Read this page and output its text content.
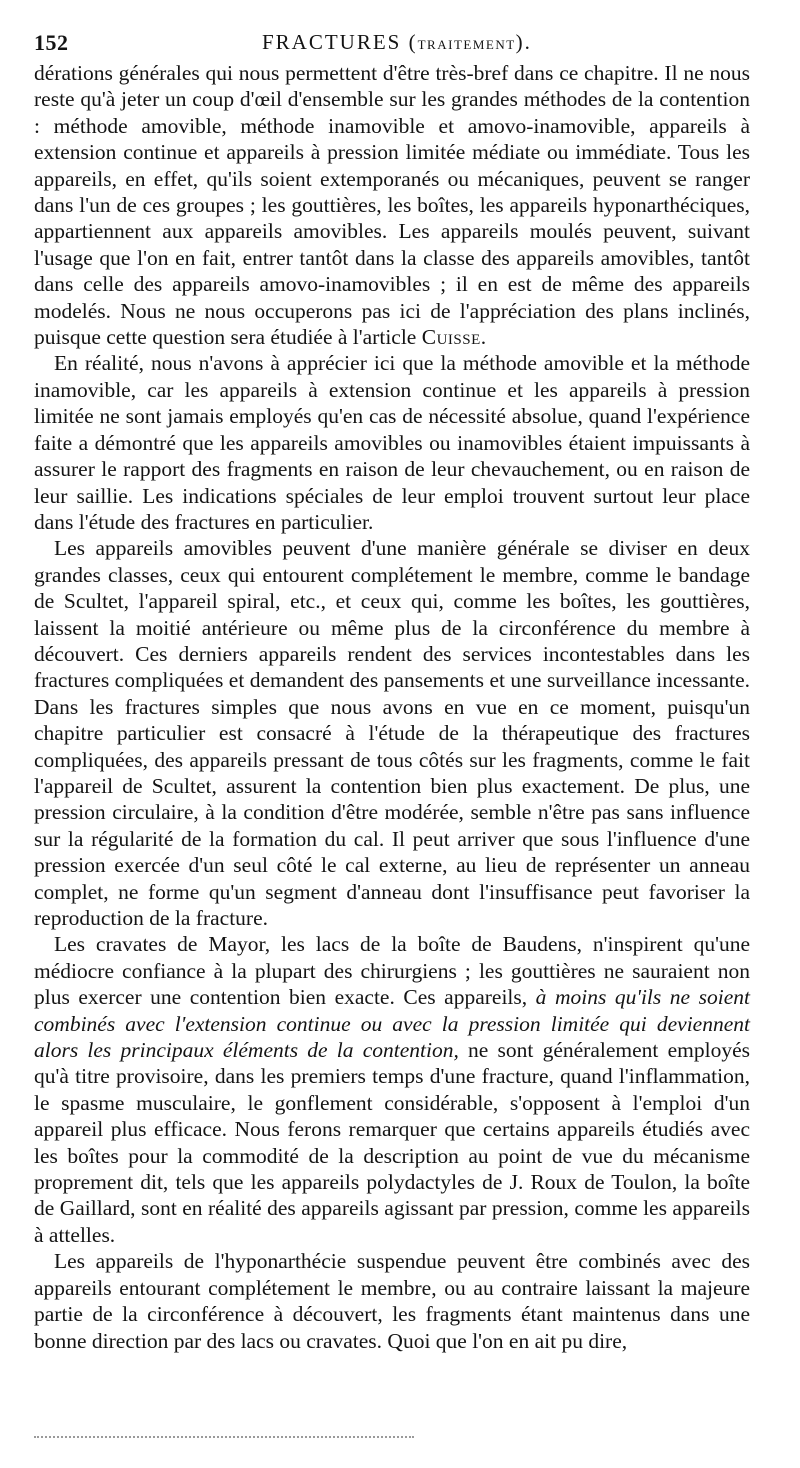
152	FRACTURES (TRAITEMENT).

dérations générales qui nous permettent d'être très-bref dans ce chapitre. Il ne nous reste qu'à jeter un coup d'œil d'ensemble sur les grandes méthodes de la contention : méthode amovible, méthode inamovible et amovo-inamovible, appareils à extension continue et appareils à pression limitée médiate ou immédiate. Tous les appareils, en effet, qu'ils soient extemporanés ou mécaniques, peuvent se ranger dans l'un de ces groupes ; les gouttières, les boîtes, les appareils hyponarthéciques, appartiennent aux appareils amovibles. Les appareils moulés peuvent, suivant l'usage que l'on en fait, entrer tantôt dans la classe des appareils amovibles, tantôt dans celle des appareils amovo-inamovibles ; il en est de même des appareils modelés. Nous ne nous occuperons pas ici de l'appréciation des plans inclinés, puisque cette question sera étudiée à l'article Cuisse.

En réalité, nous n'avons à apprécier ici que la méthode amovible et la méthode inamovible, car les appareils à extension continue et les appareils à pression limitée ne sont jamais employés qu'en cas de nécessité absolue, quand l'expérience faite a démontré que les appareils amovibles ou inamovibles étaient impuissants à assurer le rapport des fragments en raison de leur chevauchement, ou en raison de leur saillie. Les indications spéciales de leur emploi trouvent surtout leur place dans l'étude des fractures en particulier.

Les appareils amovibles peuvent d'une manière générale se diviser en deux grandes classes, ceux qui entourent complétement le membre, comme le bandage de Scultet, l'appareil spiral, etc., et ceux qui, comme les boîtes, les gouttières, laissent la moitié antérieure ou même plus de la circonférence du membre à découvert. Ces derniers appareils rendent des services incontestables dans les fractures compliquées et demandent des pansements et une surveillance incessante. Dans les fractures simples que nous avons en vue en ce moment, puisqu'un chapitre particulier est consacré à l'étude de la thérapeutique des fractures compliquées, des appareils pressant de tous côtés sur les fragments, comme le fait l'appareil de Scultet, assurent la contention bien plus exactement. De plus, une pression circulaire, à la condition d'être modérée, semble n'être pas sans influence sur la régularité de la formation du cal. Il peut arriver que sous l'influence d'une pression exercée d'un seul côté le cal externe, au lieu de représenter un anneau complet, ne forme qu'un segment d'anneau dont l'insuffisance peut favoriser la reproduction de la fracture.

Les cravates de Mayor, les lacs de la boîte de Baudens, n'inspirent qu'une médiocre confiance à la plupart des chirurgiens ; les gouttières ne sauraient non plus exercer une contention bien exacte. Ces appareils, à moins qu'ils ne soient combinés avec l'extension continue ou avec la pression limitée qui deviennent alors les principaux éléments de la contention, ne sont généralement employés qu'à titre provisoire, dans les premiers temps d'une fracture, quand l'inflammation, le spasme musculaire, le gonflement considérable, s'opposent à l'emploi d'un appareil plus efficace. Nous ferons remarquer que certains appareils étudiés avec les boîtes pour la commodité de la description au point de vue du mécanisme proprement dit, tels que les appareils polydactyles de J. Roux de Toulon, la boîte de Gaillard, sont en réalité des appareils agissant par pression, comme les appareils à attelles.

Les appareils de l'hyponarthécie suspendue peuvent être combinés avec des appareils entourant complétement le membre, ou au contraire laissant la majeure partie de la circonférence à découvert, les fragments étant maintenus dans une bonne direction par des lacs ou cravates. Quoi que l'on en ait pu dire,
